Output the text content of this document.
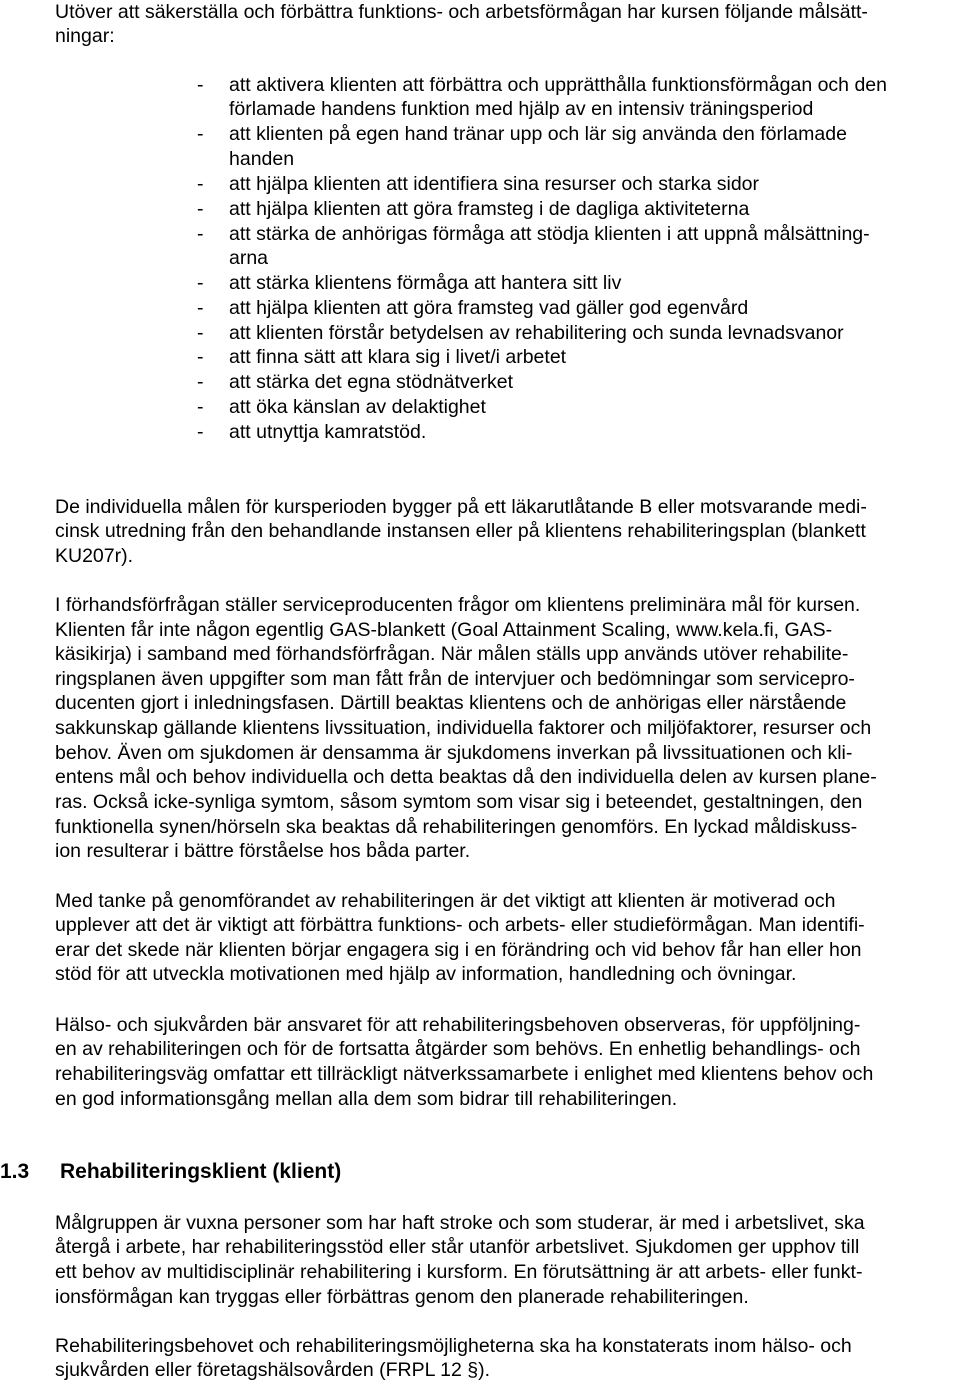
Utöver att säkerställa och förbättra funktions- och arbetsförmågan har kursen följande målsätt-
ningar:
- att aktivera klienten att förbättra och upprätthålla funktionsförmågan och den
förlamade handens funktion med hjälp av en intensiv träningsperiod
- att klienten på egen hand tränar upp och lär sig använda den förlamade
handen
- att hjälpa klienten att identifiera sina resurser och starka sidor
- att hjälpa klienten att göra framsteg i de dagliga aktiviteterna
- att stärka de anhörigas förmåga att stödja klienten i att uppnå målsättning-
arna
- att stärka klientens förmåga att hantera sitt liv
- att hjälpa klienten att göra framsteg vad gäller god egenvård
- att klienten förstår betydelsen av rehabilitering och sunda levnadsvanor
- att finna sätt att klara sig i livet/i arbetet
- att stärka det egna stödnätverket
- att öka känslan av delaktighet
- att utnyttja kamratstöd.
De individuella målen för kursperioden bygger på ett läkarutlåtande B eller motsvarande medi-
cinsk utredning från den behandlande instansen eller på klientens rehabiliteringsplan (blankett
KU207r).
I förhandsförfrågan ställer serviceproducenten frågor om klientens preliminära mål för kursen.
Klienten får inte någon egentlig GAS-blankett (Goal Attainment Scaling, www.kela.fi, GAS-
käsikirja) i samband med förhandsförfrågan. När målen ställs upp används utöver rehabilite-
ringsplanen även uppgifter som man fått från de intervjuer och bedömningar som servicepro-
ducenten gjort i inledningsfasen. Därtill beaktas klientens och de anhörigas eller närstående
sakkunskap gällande klientens livssituation, individuella faktorer och miljöfaktorer, resurser och
behov. Även om sjukdomen är densamma är sjukdomens inverkan på livssituationen och kli-
entens mål och behov individuella och detta beaktas då den individuella delen av kursen plane-
ras. Också icke-synliga symtom, såsom symtom som visar sig i beteendet, gestaltningen, den
funktionella synen/hörseln ska beaktas då rehabiliteringen genomförs. En lyckad måldiskuss-
ion resulterar i bättre förståelse hos båda parter.
Med tanke på genomförandet av rehabiliteringen är det viktigt att klienten är motiverad och
upplever att det är viktigt att förbättra funktions- och arbets- eller studieförmågan. Man identifi-
erar det skede när klienten börjar engagera sig i en förändring och vid behov får han eller hon
stöd för att utveckla motivationen med hjälp av information, handledning och övningar.
Hälso- och sjukvården bär ansvaret för att rehabiliteringsbehoven observeras, för uppföljning-
en av rehabiliteringen och för de fortsatta åtgärder som behövs. En enhetlig behandlings- och
rehabiliteringsväg omfattar ett tillräckligt nätverkssamarbete i enlighet med klientens behov och
en god informationsgång mellan alla dem som bidrar till rehabiliteringen.
1.3 Rehabiliteringsklient (klient)
Målgruppen är vuxna personer som har haft stroke och som studerar, är med i arbetslivet, ska
återgå i arbete, har rehabiliteringsstöd eller står utanför arbetslivet. Sjukdomen ger upphov till
ett behov av multidisciplinär rehabilitering i kursform. En förutsättning är att arbets- eller funkt-
ionsförmågan kan tryggas eller förbättras genom den planerade rehabiliteringen.
Rehabiliteringsbehovet och rehabiliteringsmöjligheterna ska ha konstaterats inom hälso- och
sjukvården eller företagshälsovården (FRPL 12 §).
